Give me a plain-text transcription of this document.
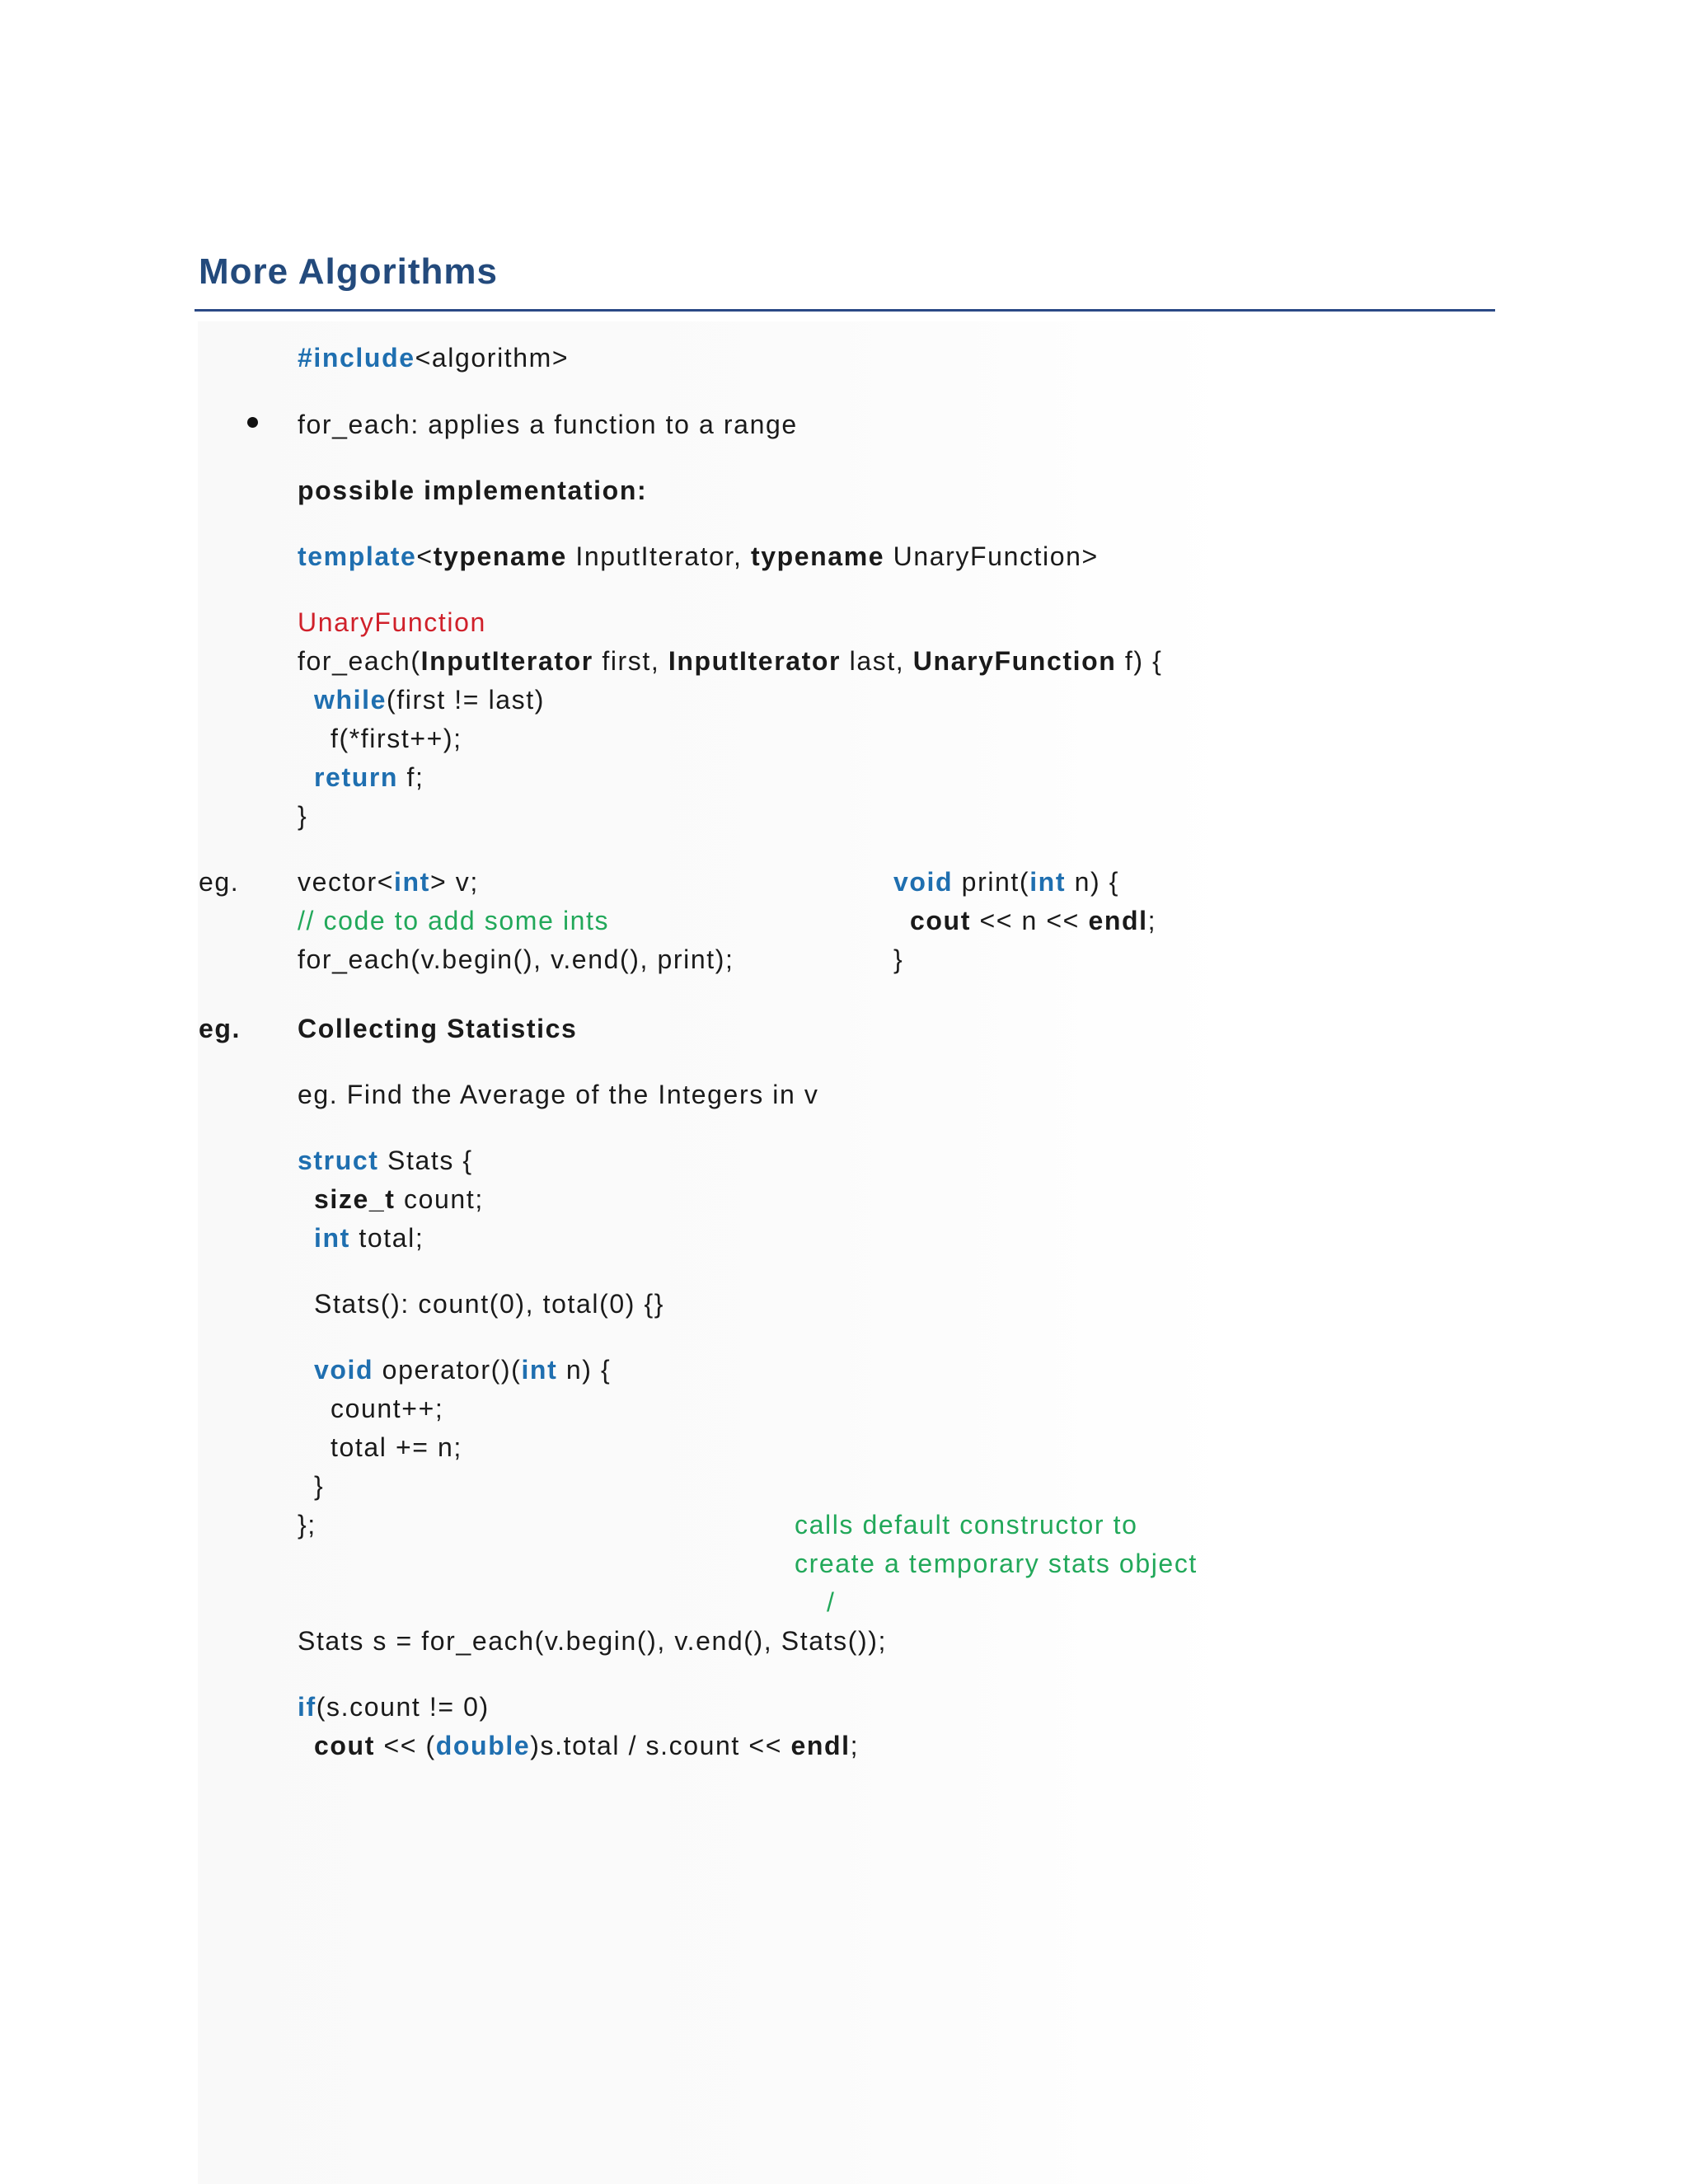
More Algorithms
#include<algorithm>
for_each: applies a function to a range
possible implementation:
template<typename InputIterator, typename UnaryFunction>
UnaryFunction
for_each(InputIterator first, InputIterator last, UnaryFunction f) {
while(first != last)
f(*first++);
return f;
}
eg. vector<int> v;
// code to add some ints
for_each(v.begin(), v.end(), print);
void print(int n) {
cout << n << endl;
}
eg. Collecting Statistics
eg. Find the Average of the Integers in v
struct Stats {
size_t count;
int total;
Stats(): count(0), total(0) {}
void operator()(int n) {
count++;
total += n;
}
};	calls default constructor to
create a temporary stats object
/
Stats s = for_each(v.begin(), v.end(), Stats());
if(s.count != 0)
cout << (double)s.total / s.count << endl;
